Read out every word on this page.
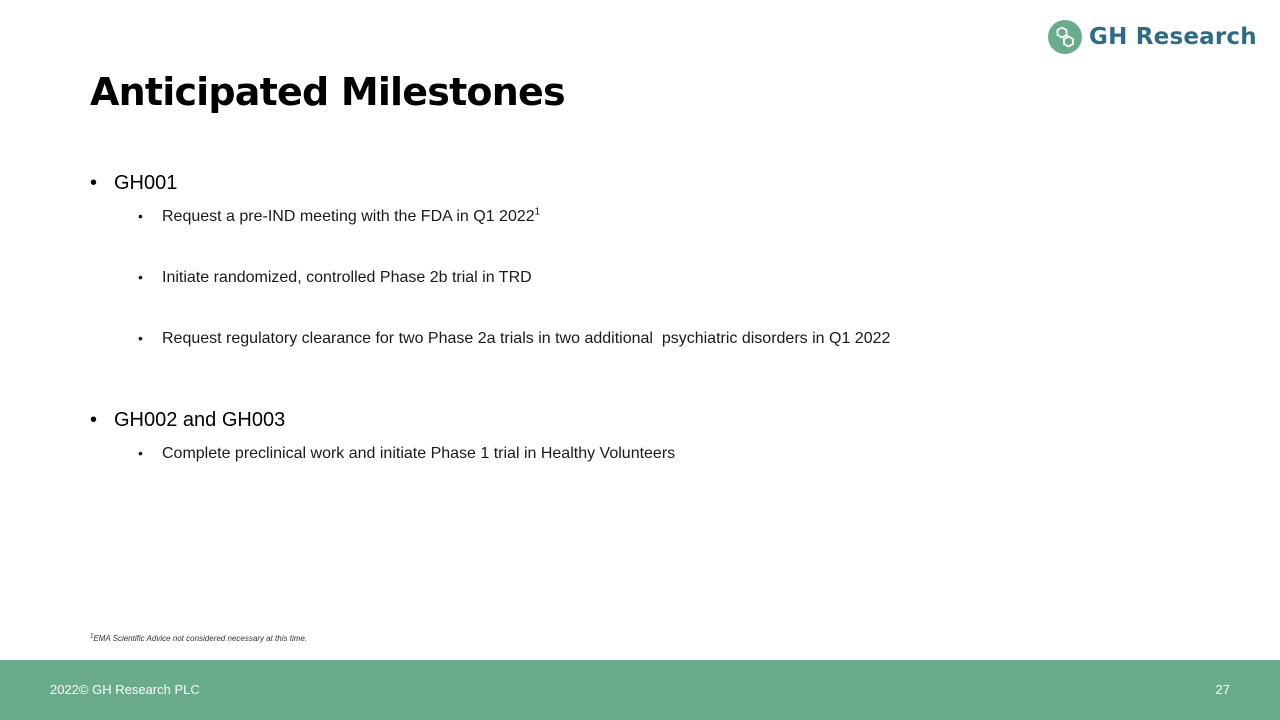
GH Research
Anticipated Milestones
• GH001
• Request a pre-IND meeting with the FDA in Q1 2022$^1$
• Initiate randomized, controlled Phase 2b trial in TRD
• Request regulatory clearance for two Phase 2a trials in two additional  psychiatric disorders in Q1 2022
• GH002 and GH003
• Complete preclinical work and initiate Phase 1 trial in Healthy Volunteers
$^1$EMA Scientific Advice not considered necessary at this time.
2022© GH Research PLC	27
